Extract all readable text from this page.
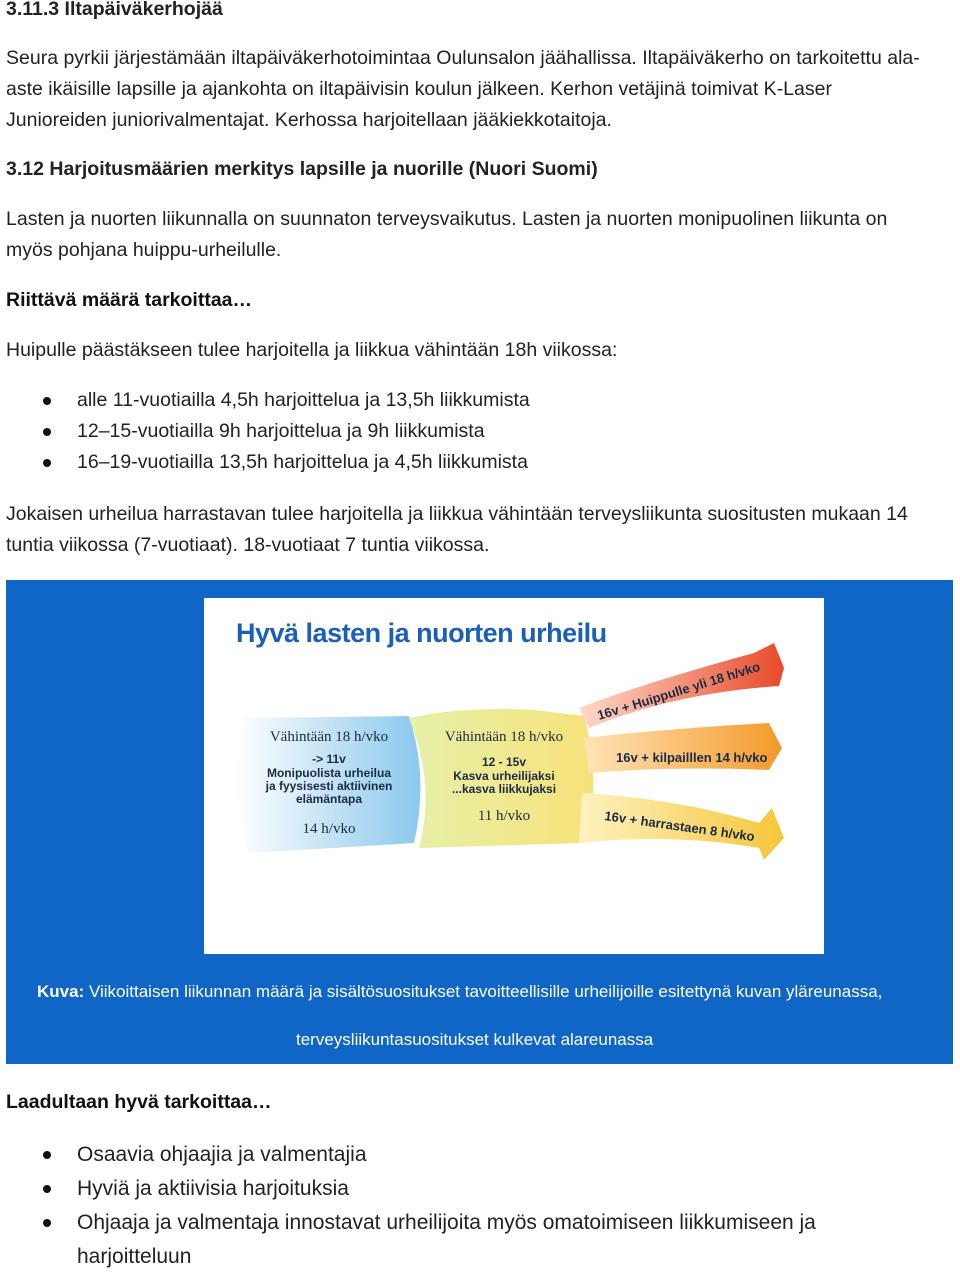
3.11.3 Iltapäiväkerhojää
Seura pyrkii järjestämään iltapäiväkerhotoimintaa Oulunsalon jäähallissa. Iltapäiväkerho on tarkoitettu ala-
aste ikäisille lapsille ja ajankohta on iltapäivisin koulun jälkeen. Kerhon vetäjinä toimivat K-Laser
Junioreiden juniorivalmentajat. Kerhossa harjoitellaan jääkiekkotaitoja.
3.12 Harjoitusmäärien merkitys lapsille ja nuorille (Nuori Suomi)
Lasten ja nuorten liikunnalla on suunnaton terveysvaikutus. Lasten ja nuorten monipuolinen liikunta on
myös pohjana huippu-urheilulle.
Riittävä määrä tarkoittaa…
Huipulle päästäkseen tulee harjoitella ja liikkua vähintään 18h viikossa:
alle 11-vuotiailla 4,5h harjoittelua ja 13,5h liikkumista
12–15-vuotiailla 9h harjoittelua ja 9h liikkumista
16–19-vuotiailla 13,5h harjoittelua ja 4,5h liikkumista
Jokaisen urheilua harrastavan tulee harjoitella ja liikkua vähintään terveysliikunta suositusten mukaan 14
tuntia viikossa (7-vuotiaat). 18-vuotiaat 7 tuntia viikossa.
Hyvä lasten ja nuorten urheilu
Vähintään 18 h/vko
-> 11v
Monipuolista urheilua
ja fyysisesti aktiivinen
elämäntapa
14 h/vko
Vähintään 18 h/vko
12 - 15v
Kasva urheilijaksi
...kasva liikkujaksi
11 h/vko
16v + Huippulle yli 18 h/vko
16v + kilpailllen 14 h/vko
16v + harrastaen 8 h/vko
Kuva: Viikoittaisen liikunnan määrä ja sisältösuositukset tavoitteellisille urheilijoille esitettynä kuvan yläreunassa,
terveysliikuntasuositukset kulkevat alareunassa
Laadultaan hyvä tarkoittaa…
Osaavia ohjaajia ja valmentajia
Hyviä ja aktiivisia harjoituksia
Ohjaaja ja valmentaja innostavat urheilijoita myös omatoimiseen liikkumiseen ja
harjoitteluun
